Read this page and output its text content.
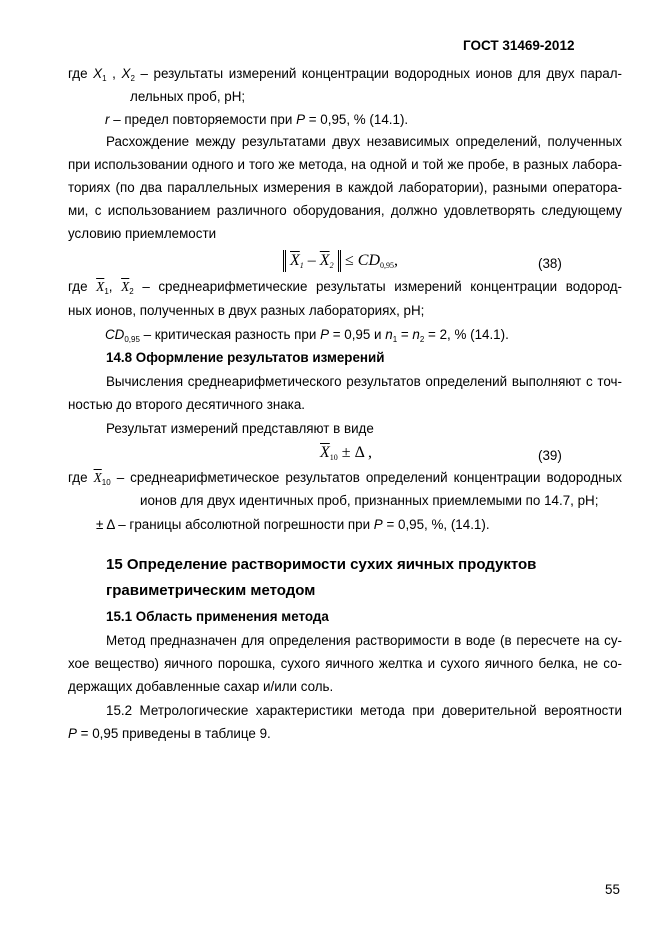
ГОСТ 31469-2012
где $X_1$ , $X_2$ – результаты измерений концентрации водородных ионов для двух парал-
лельных проб, pH;
r – предел повторяемости при P = 0,95, % (14.1).
Расхождение между результатами двух независимых определений, полученных
при использовании одного и того же метода, на одной и той же пробе, в разных лабора-
ториях (по два параллельных измерения в каждой лаборатории), разными оператора-
ми, с использованием различного оборудования, должно удовлетворять следующему
условию приемлемости
$\overline{X}_1 - \overline{X}_2 \le CD_{0,95}$,	(38)
где $\overline{X}_1$, $\overline{X}_2$ – среднеарифметические результаты измерений концентрации водород-
ных ионов, полученных в двух разных лабораториях, pH;
$CD_{0,95}$ – критическая разность при P = 0,95 и $n_1 = n_2 = 2$, % (14.1).
14.8 Оформление результатов измерений
Вычисления среднеарифметического результатов определений выполняют с точ-
ностью до второго десятичного знака.
Результат измерений представляют в виде
$\overline{X}_{10} \pm \Delta$ ,	(39)
где $\overline{X}_{10}$ – среднеарифметическое результатов определений концентрации водородных
ионов для двух идентичных проб, признанных приемлемыми по 14.7, pH;
± Δ – границы абсолютной погрешности при P = 0,95, %, (14.1).
15 Определение растворимости сухих яичных продуктов
гравиметрическим методом
15.1 Область применения метода
Метод предназначен для определения растворимости в воде (в пересчете на су-
хое вещество) яичного порошка, сухого яичного желтка и сухого яичного белка, не со-
держащих добавленные сахар и/или соль.
15.2 Метрологические характеристики метода при доверительной вероятности
P = 0,95 приведены в таблице 9.
55
